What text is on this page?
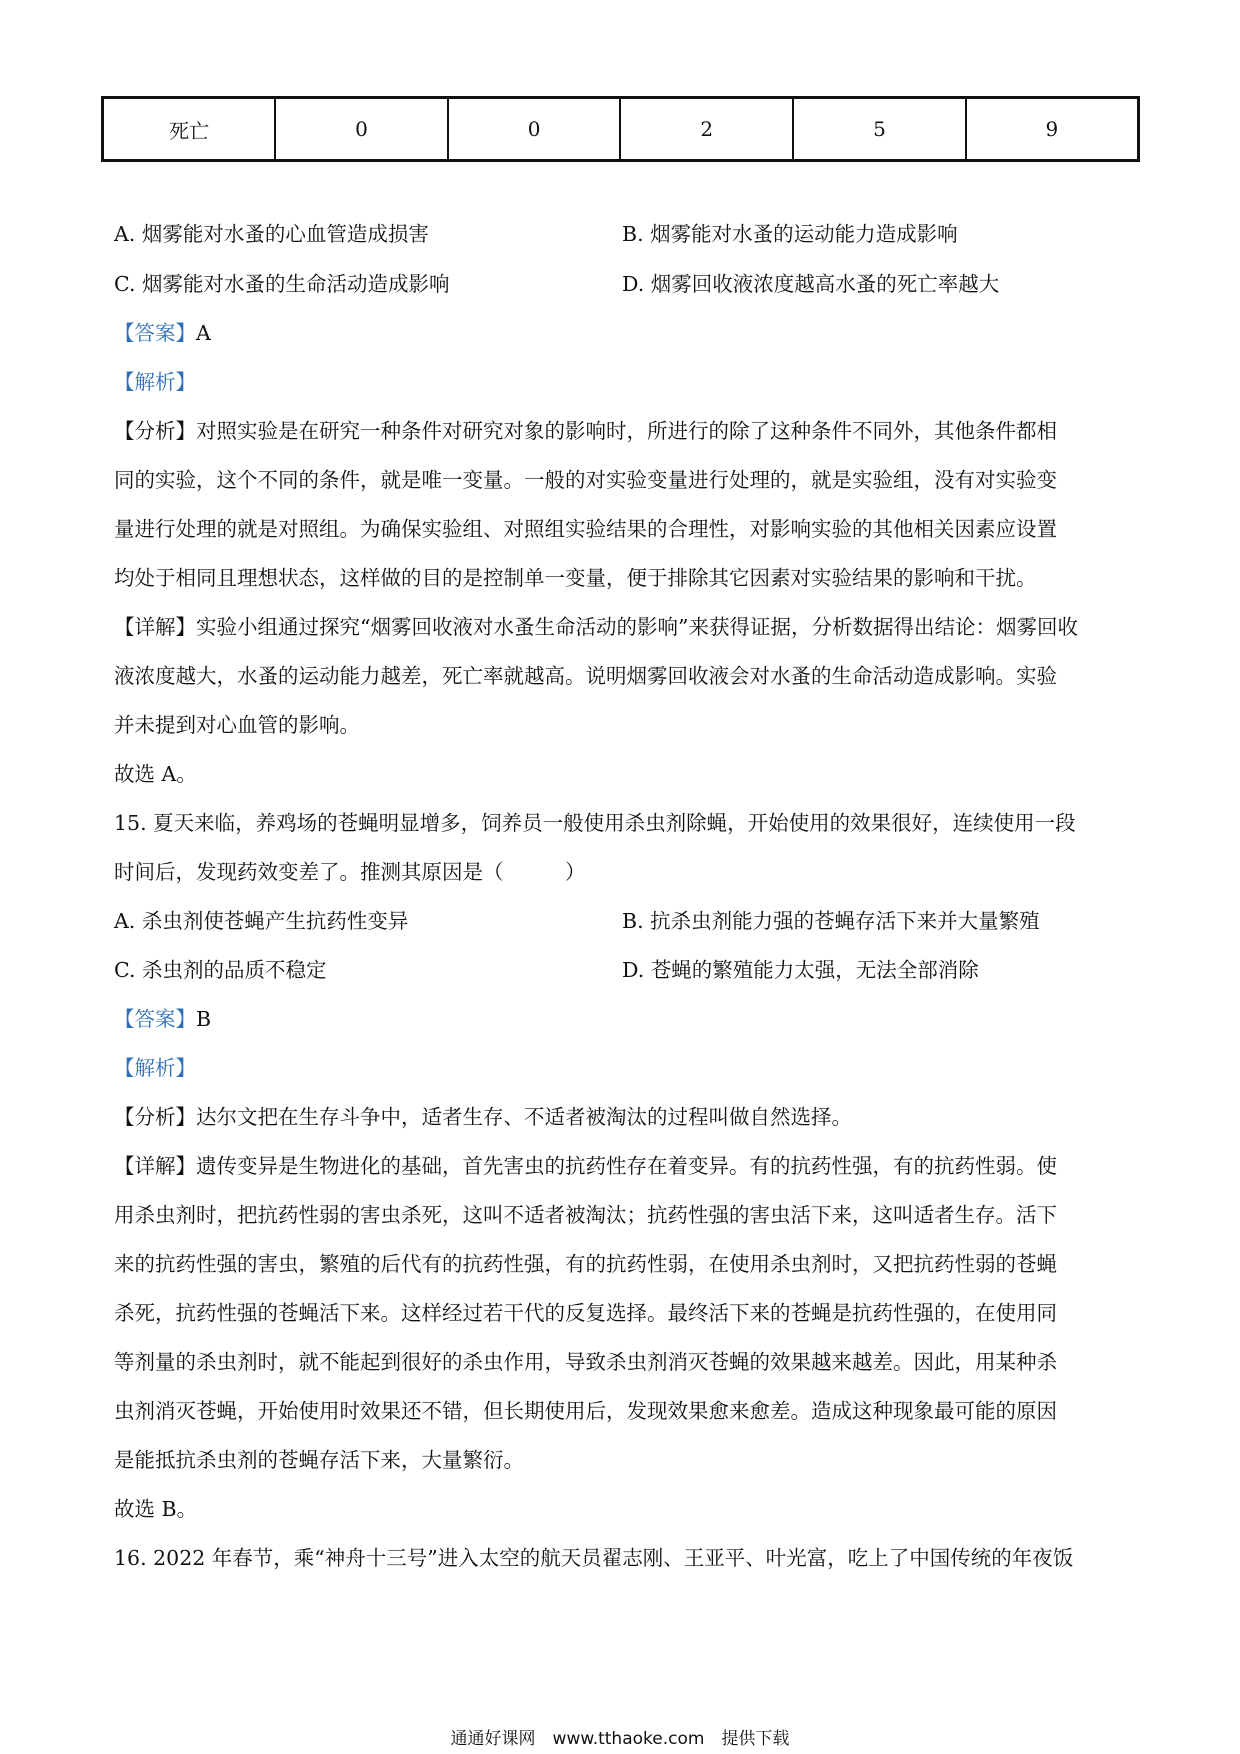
死亡	0	0	2	5	9
A. 烟雾能对水蚤的心血管造成损害	B. 烟雾能对水蚤的运动能力造成影响
C. 烟雾能对水蚤的生命活动造成影响	D. 烟雾回收液浓度越高水蚤的死亡率越大
【答案】A
【解析】
【分析】对照实验是在研究一种条件对研究对象的影响时，所进行的除了这种条件不同外，其他条件都相
同的实验，这个不同的条件，就是唯一变量。一般的对实验变量进行处理的，就是实验组，没有对实验变
量进行处理的就是对照组。为确保实验组、对照组实验结果的合理性，对影响实验的其他相关因素应设置
均处于相同且理想状态，这样做的目的是控制单一变量，便于排除其它因素对实验结果的影响和干扰。
【详解】实验小组通过探究“烟雾回收液对水蚤生命活动的影响”来获得证据，分析数据得出结论：烟雾回收
液浓度越大，水蚤的运动能力越差，死亡率就越高。说明烟雾回收液会对水蚤的生命活动造成影响。实验
并未提到对心血管的影响。
故选 A。
15. 夏天来临，养鸡场的苍蝇明显增多，饲养员一般使用杀虫剂除蝇，开始使用的效果很好，连续使用一段
时间后，发现药效变差了。推测其原因是（　　　）
A. 杀虫剂使苍蝇产生抗药性变异	B. 抗杀虫剂能力强的苍蝇存活下来并大量繁殖
C. 杀虫剂的品质不稳定	D. 苍蝇的繁殖能力太强，无法全部消除
【答案】B
【解析】
【分析】达尔文把在生存斗争中，适者生存、不适者被淘汰的过程叫做自然选择。
【详解】遗传变异是生物进化的基础，首先害虫的抗药性存在着变异。有的抗药性强，有的抗药性弱。使
用杀虫剂时，把抗药性弱的害虫杀死，这叫不适者被淘汰；抗药性强的害虫活下来，这叫适者生存。活下
来的抗药性强的害虫，繁殖的后代有的抗药性强，有的抗药性弱，在使用杀虫剂时，又把抗药性弱的苍蝇
杀死，抗药性强的苍蝇活下来。这样经过若干代的反复选择。最终活下来的苍蝇是抗药性强的，在使用同
等剂量的杀虫剂时，就不能起到很好的杀虫作用，导致杀虫剂消灭苍蝇的效果越来越差。因此，用某种杀
虫剂消灭苍蝇，开始使用时效果还不错，但长期使用后，发现效果愈来愈差。造成这种现象最可能的原因
是能抵抗杀虫剂的苍蝇存活下来，大量繁衍。
故选 B。
16. 2022 年春节，乘“神舟十三号”进入太空的航天员翟志刚、王亚平、叶光富，吃上了中国传统的年夜饭
通通好课网　www.tthaoke.com　提供下载
